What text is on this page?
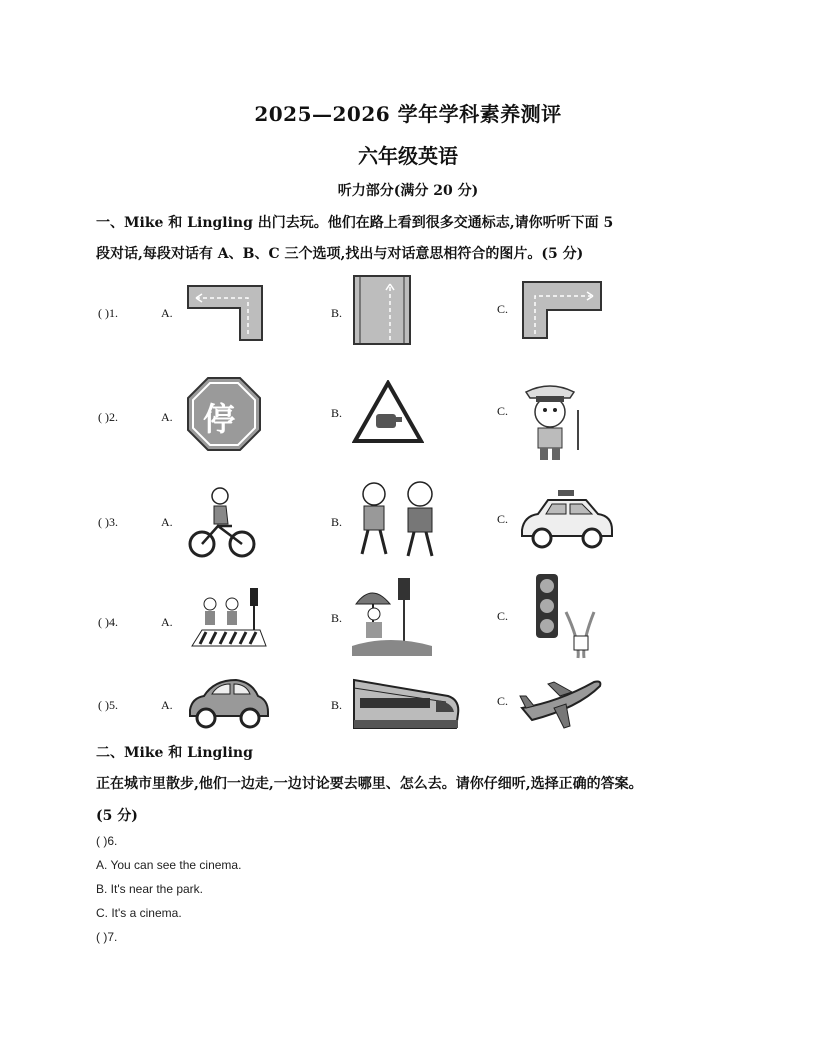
2025—2026 学年学科素养测评
六年级英语
听力部分(满分 20 分)
一、Mike 和 Lingling 出门去玩。他们在路上看到很多交通标志,请你听听下面 5
段对话,每段对话有 A、B、C 三个选项,找出与对话意思相符合的图片。(5 分)
( )1.	A.	B.	C.
( )2.	A. 停	B.	C.
( )3.	A.	B.	C.
( )4.	A.	B.	C.
( )5.	A.	B.	C.
二、Mike 和 Lingling
正在城市里散步,他们一边走,一边讨论要去哪里、怎么去。请你仔细听,选择正确的答案。
(5 分)
( )6.
A. You can see the cinema.
B. It's near the park.
C. It's a cinema.
( )7.
